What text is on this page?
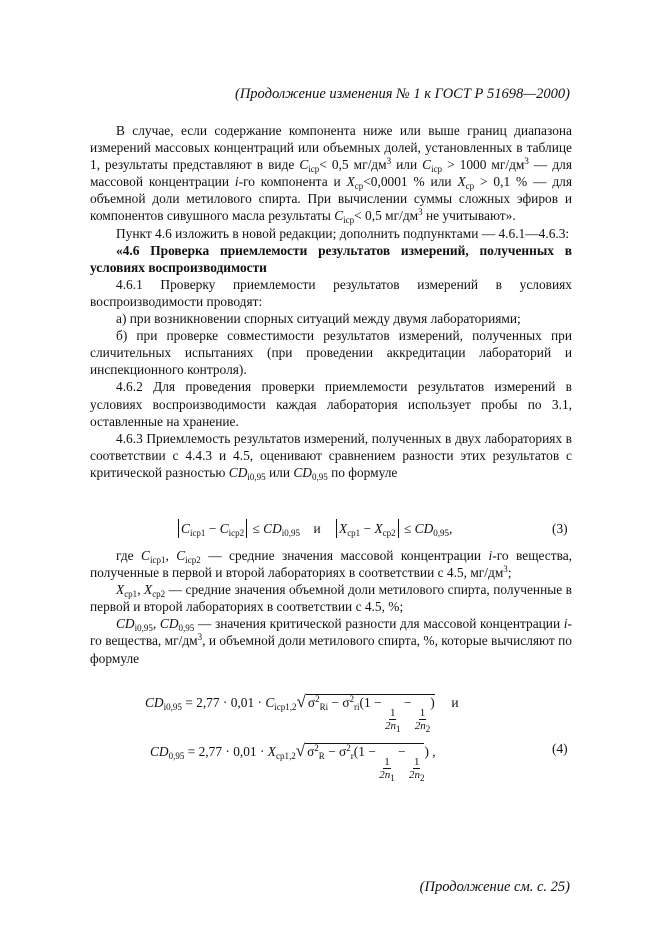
(Продолжение изменения № 1 к ГОСТ Р 51698—2000)

В случае, если содержание компонента ниже или выше границ диапазона измерений массовых концентраций или объемных долей, установленных в таблице 1, результаты представляют в виде $C_{icp}< 0,5$ $мг/дм^3$ или $C_{icp} > 1000$ $мг/дм^3$ — для массовой концентрации i-го компонента и $X_{ср}<0,0001$ % или $X_{ср} > 0,1$ % — для объемной доли метилового спирта. При вычислении суммы сложных эфиров и компонентов сивушного масла результаты $C_{icp}< 0,5$ $мг/дм^3$ не учитывают».

Пункт 4.6 изложить в новой редакции; дополнить подпунктами — 4.6.1—4.6.3:

«4.6 Проверка приемлемости результатов измерений, полученных в условиях воспроизводимости

4.6.1 Проверку приемлемости результатов измерений в условиях воспроизводимости проводят:

а) при возникновении спорных ситуаций между двумя лабораториями;

б) при проверке совместимости результатов измерений, полученных при сличительных испытаниях (при проведении аккредитации лабораторий и инспекционного контроля).

4.6.2 Для проведения проверки приемлемости результатов измерений в условиях воспроизводимости каждая лаборатория использует пробы по 3.1, оставленные на хранение.

4.6.3 Приемлемость результатов измерений, полученных в двух лабораториях в соответствии с 4.4.3 и 4.5, оценивают сравнением разности этих результатов с критической разностью $CD_{i0,95}$ или $CD_{0,95}$ по формуле

$C_{icp1} - C_{icp2} \le CD_{i0,95}$ и $X_{cp1} - X_{cp2} \le CD_{0,95}$,	(3)

где $C_{icp1}$, $C_{icp2}$ — средние значения массовой концентрации i-го вещества, полученные в первой и второй лабораториях в соответствии с 4.5, $мг/дм^3$;

$X_{cp1}$, $X_{cp2}$ — средние значения объемной доли метилового спирта, полученные в первой и второй лабораториях в соответствии с 4.5, %;

$CD_{i0,95}$, $CD_{0,95}$ — значения критической разности для массовой концентрации i-го вещества, $мг/дм^3$, и объемной доли метилового спирта, %, которые вычисляют по формуле

$CD_{i0,95} = 2,77 \cdot 0,01 \cdot C_{icp1,2}√$ $\sigma^2_{Ri} - \sigma^2_{ri}(1$ −
$\frac{1}{2n_1}$
−
$\frac{1}{2n_2}$
) и
$CD_{0,95} = 2,77 \cdot 0,01 \cdot X_{ср1,2}√$ $\sigma^2_R - \sigma^2_r(1$ −
$\frac{1}{2n_1}$
−
$\frac{1}{2n_2}$
) ,	(4)
(Продолжение см. с. 25)
